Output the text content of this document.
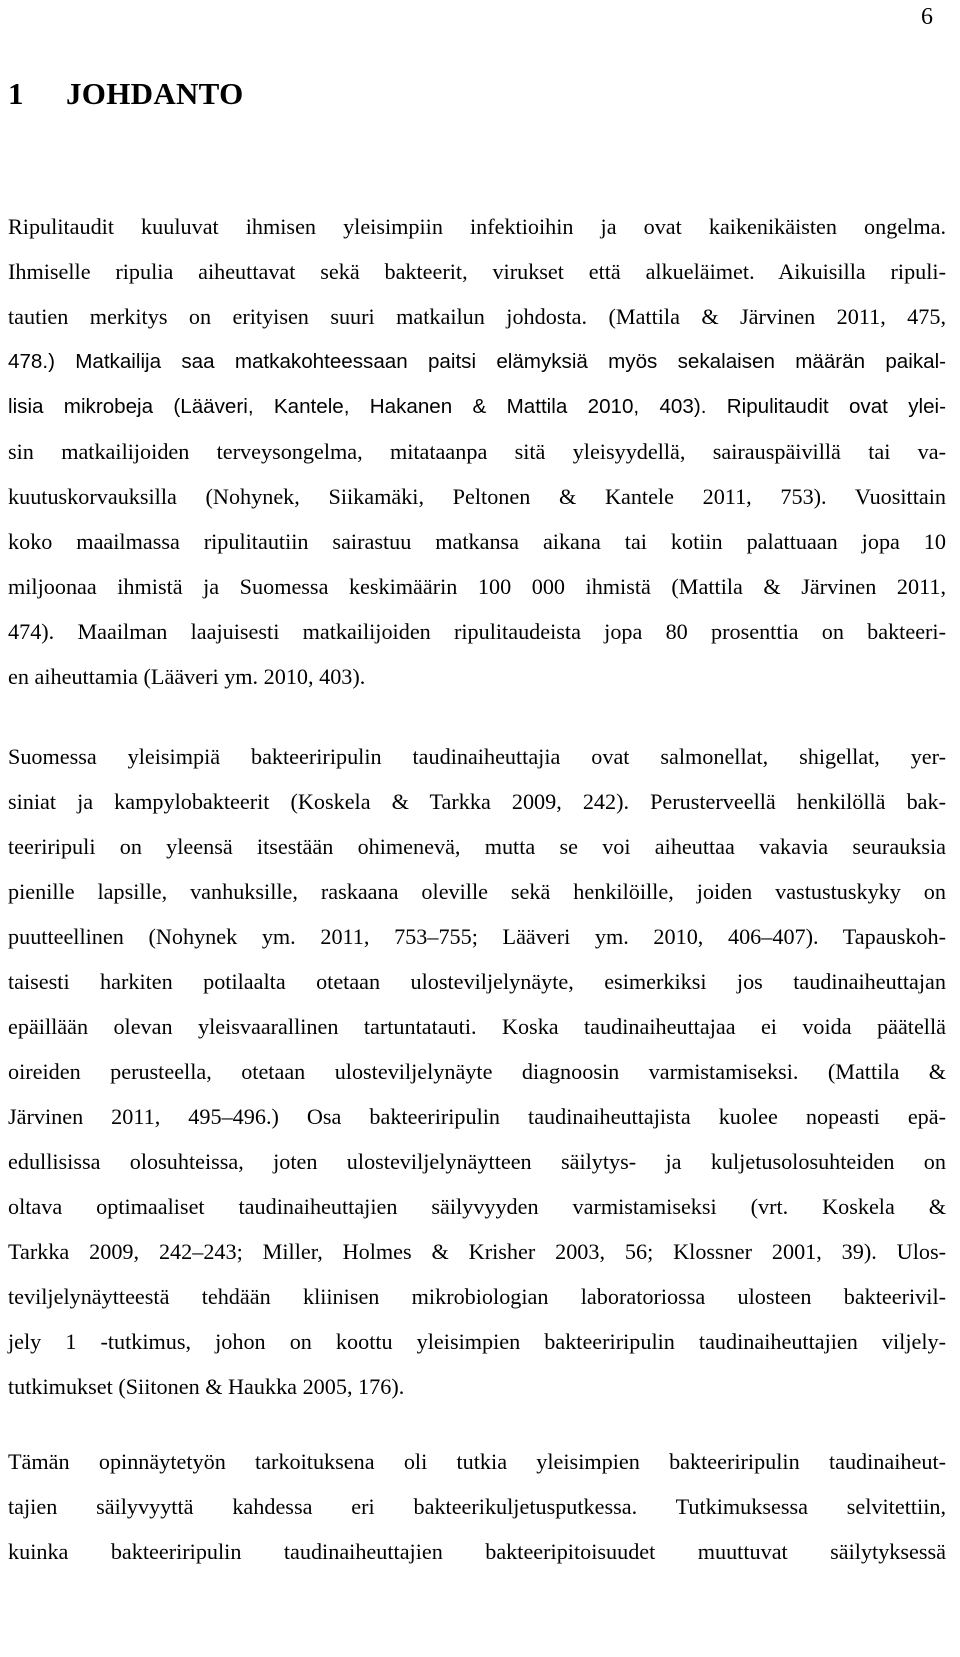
6
1 JOHDANTO
Ripulitaudit kuuluvat ihmisen yleisimpiin infektioihin ja ovat kaikenikäisten ongelma.
Ihmiselle ripulia aiheuttavat sekä bakteerit, virukset että alkueläimet. Aikuisilla ripuli-
tautien merkitys on erityisen suuri matkailun johdosta. (Mattila & Järvinen 2011, 475,
478.) Matkailija saa matkakohteessaan paitsi elämyksiä myös sekalaisen määrän paikal-
lisia mikrobeja (Lääveri, Kantele, Hakanen & Mattila 2010, 403). Ripulitaudit ovat ylei-
sin matkailijoiden terveysongelma, mitataanpa sitä yleisyydellä, sairauspäivillä tai va-
kuutuskorvauksilla (Nohynek, Siikamäki, Peltonen & Kantele 2011, 753). Vuosittain
koko maailmassa ripulitautiin sairastuu matkansa aikana tai kotiin palattuaan jopa 10
miljoonaa ihmistä ja Suomessa keskimäärin 100 000 ihmistä (Mattila & Järvinen 2011,
474). Maailman laajuisesti matkailijoiden ripulitaudeista jopa 80 prosenttia on bakteeri-
en aiheuttamia (Lääveri ym. 2010, 403).
Suomessa yleisimpiä bakteeriripulin taudinaiheuttajia ovat salmonellat, shigellat, yer-
siniat ja kampylobakteerit (Koskela & Tarkka 2009, 242). Perusterveellä henkilöllä bak-
teeriripuli on yleensä itsestään ohimenevä, mutta se voi aiheuttaa vakavia seurauksia
pienille lapsille, vanhuksille, raskaana oleville sekä henkilöille, joiden vastustuskyky on
puutteellinen (Nohynek ym. 2011, 753–755; Lääveri ym. 2010, 406–407). Tapauskoh-
taisesti harkiten potilaalta otetaan ulosteviljelynäyte, esimerkiksi jos taudinaiheuttajan
epäillään olevan yleisvaarallinen tartuntatauti. Koska taudinaiheuttajaa ei voida päätellä
oireiden perusteella, otetaan ulosteviljelynäyte diagnoosin varmistamiseksi. (Mattila &
Järvinen 2011, 495–496.) Osa bakteeriripulin taudinaiheuttajista kuolee nopeasti epä-
edullisissa olosuhteissa, joten ulosteviljelynäytteen säilytys- ja kuljetusolosuhteiden on
oltava optimaaliset taudinaiheuttajien säilyvyyden varmistamiseksi (vrt. Koskela &
Tarkka 2009, 242–243; Miller, Holmes & Krisher 2003, 56; Klossner 2001, 39). Ulos-
teviljelynäytteestä tehdään kliinisen mikrobiologian laboratoriossa ulosteen bakteerivil-
jely 1 -tutkimus, johon on koottu yleisimpien bakteeriripulin taudinaiheuttajien viljely-
tutkimukset (Siitonen & Haukka 2005, 176).
Tämän opinnäytetyön tarkoituksena oli tutkia yleisimpien bakteeriripulin taudinaiheut-
tajien säilyvyyttä kahdessa eri bakteerikuljetusputkessa. Tutkimuksessa selvitettiin,
kuinka bakteeriripulin taudinaiheuttajien bakteeripitoisuudet muuttuvat säilytyksessä
